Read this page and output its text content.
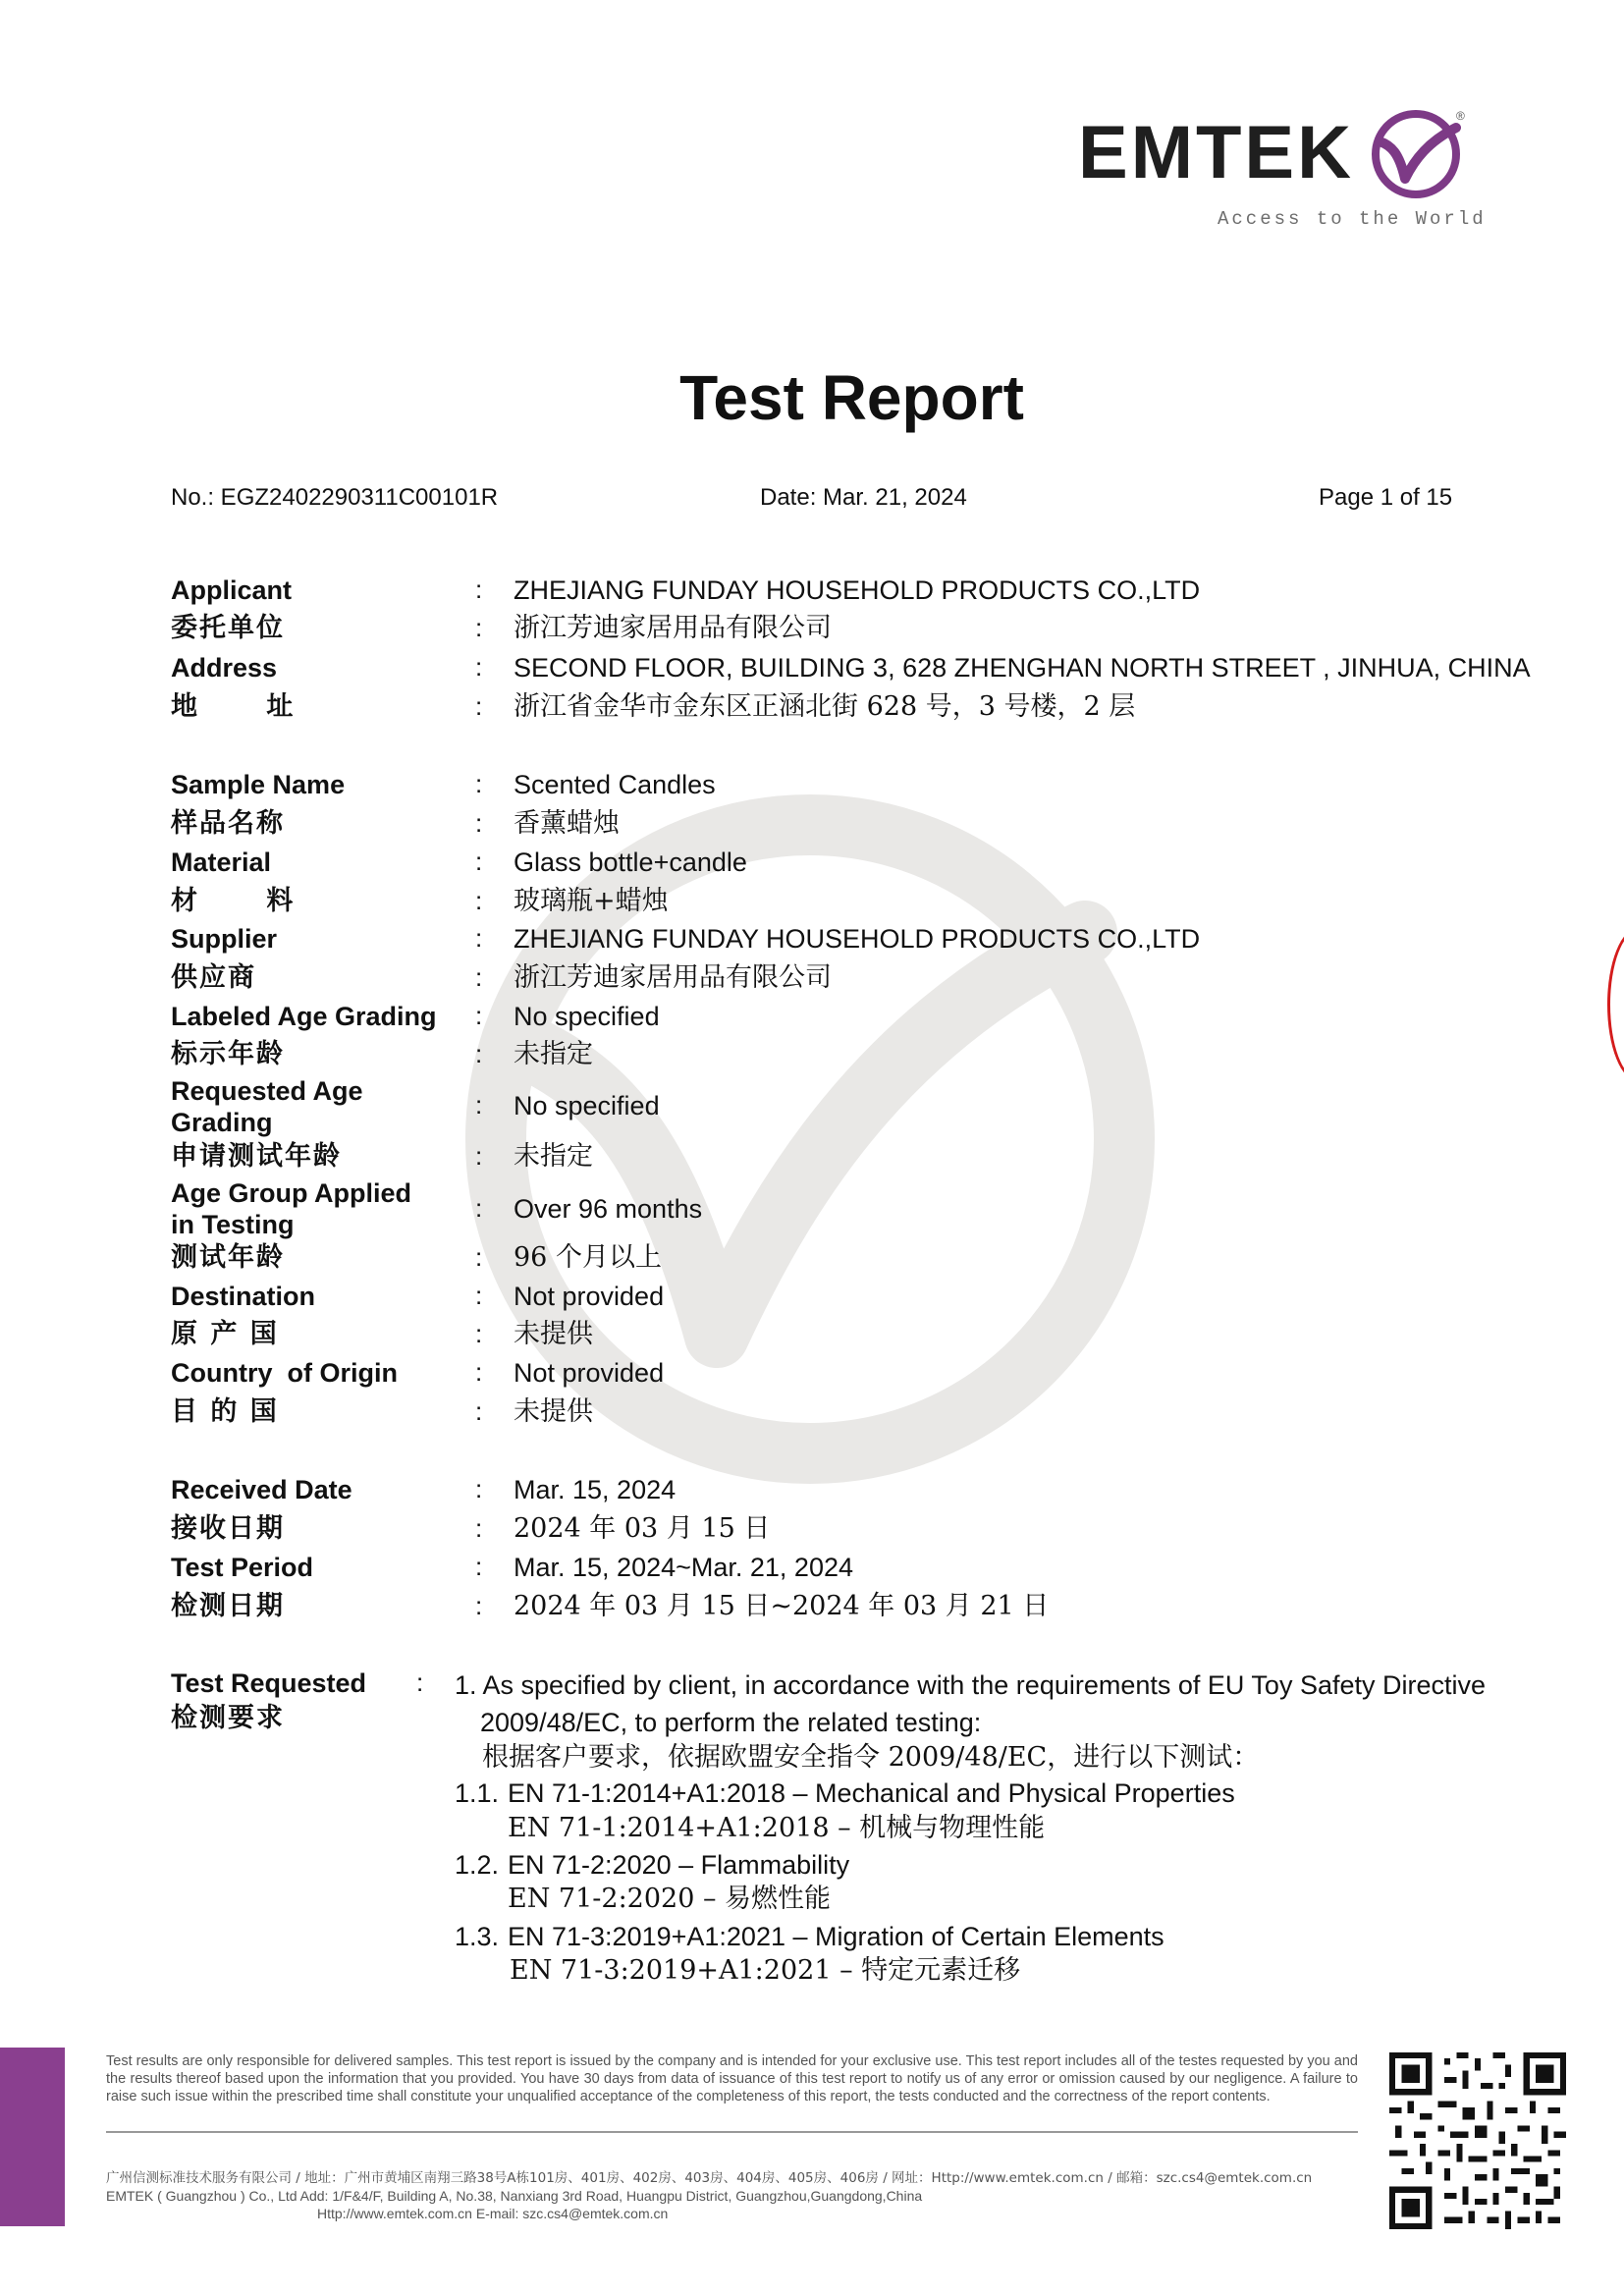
EMTEK	®
Access to the World
Test Report
No.: EGZ2402290311C00101R	Date: Mar. 21, 2024	Page 1 of 15
Applicant	: ZHEJIANG FUNDAY HOUSEHOLD PRODUCTS CO.,LTD
委托单位	: 浙江芳迪家居用品有限公司
Address	: SECOND FLOOR, BUILDING 3, 628 ZHENGHAN NORTH STREET , JINHUA, CHINA
地      址	: 浙江省金华市金东区正涵北街 628 号，3 号楼，2 层
Sample Name	: Scented Candles
样品名称	: 香薰蜡烛
Material	: Glass bottle+candle
材      料	: 玻璃瓶+蜡烛
Supplier	: ZHEJIANG FUNDAY HOUSEHOLD PRODUCTS CO.,LTD
供应商	: 浙江芳迪家居用品有限公司
Labeled Age Grading	: No specified
标示年龄	: 未指定
Requested Age Grading
: No specified
申请测试年龄	: 未指定
Age Group Applied in Testing
: Over 96 months
测试年龄	: 96 个月以上
Destination	: Not provided
原 产 国	: 未提供
Country  of Origin	: Not provided
目 的 国	: 未提供
Received Date	: Mar. 15, 2024
接收日期	: 2024 年 03 月 15 日
Test Period	: Mar. 15, 2024~Mar. 21, 2024
检测日期	: 2024 年 03 月 15 日~2024 年 03 月 21 日
Test Requested
检测要求
: 1. As specified by client, in accordance with the requirements of EU Toy Safety Directive
2009/48/EC, to perform the related testing:
根据客户要求，依据欧盟安全指令 2009/48/EC，进行以下测试：
1.1. EN 71-1:2014+A1:2018 – Mechanical and Physical Properties
EN 71-1:2014+A1:2018 – 机械与物理性能
1.2. EN 71-2:2020 – Flammability
EN 71-2:2020 – 易燃性能
1.3. EN 71-3:2019+A1:2021 – Migration of Certain Elements
EN 71-3:2019+A1:2021 – 特定元素迁移
Test results are only responsible for delivered samples. This test report is issued by the company and is intended for your exclusive use. This test report includes all of the testes requested by you and the results thereof based upon the information that you provided. You have 30 days from data of issuance of this test report to notify us of any error or omission caused by our negligence. A failure to raise such issue within the prescribed time shall constitute your unqualified acceptance of the completeness of this report, the tests conducted and the correctness of the report contents.
广州信测标准技术服务有限公司 / 地址：广州市黄埔区南翔三路38号A栋101房、401房、402房、403房、404房、405房、406房 / 网址：Http://www.emtek.com.cn / 邮箱：szc.cs4@emtek.com.cn
EMTEK ( Guangzhou ) Co., Ltd Add: 1/F&4/F, Building A, No.38, Nanxiang 3rd Road, Huangpu District, Guangzhou,Guangdong,China
Http://www.emtek.com.cn E-mail: szc.cs4@emtek.com.cn
